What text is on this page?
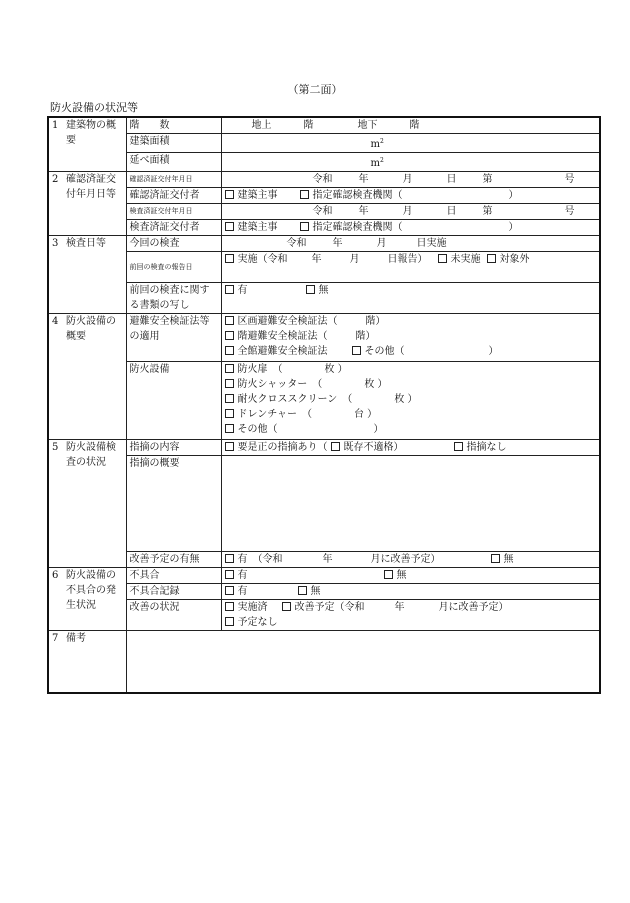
（第二面）
防火設備の状況等
1 建築物の概要	階　　数	地上 階 地下 階
	建築面積	$m^2$
	延べ面積	$m^2$
2 確認済証交付年月日等	確認済証交付年月日	令和 年 月 日 第 号
	確認済証交付者	建築主事 指定確認検査機関（ ）
	検査済証交付年月日	令和 年 月 日 第 号
	検査済証交付者	建築主事 指定確認検査機関（ ）
3 検査日等	今回の検査	令和 年 月 日実施
	前回の検査の報告日	実施（令和 年 月 日報告） 未実施 対象外
	前回の検査に関する書類の写し	有 無
4 防火設備の概要	避難安全検証法等の適用	区画避難安全検証法（ 階）
階避難安全検証法（ 階）
全館避難安全検証法 その他（ ）

	防火設備	防火扉　（ 枚 ）
防火シャッター　（ 枚 ）
耐火クロススクリーン　（ 枚 ）
ドレンチャー　（ 台 ）
その他（ ）

5 防火設備検査の状況	指摘の内容	要是正の指摘あり（ 既存不適格） 指摘なし
	指摘の概要	
	改善予定の有無	有　（令和 年 月に改善予定） 無
6 防火設備の不具合の発生状況	不具合	有 無
	不具合記録	有 無
	改善の状況	実施済 改善予定（令和 年 月に改善予定）
予定なし

7 備考		
